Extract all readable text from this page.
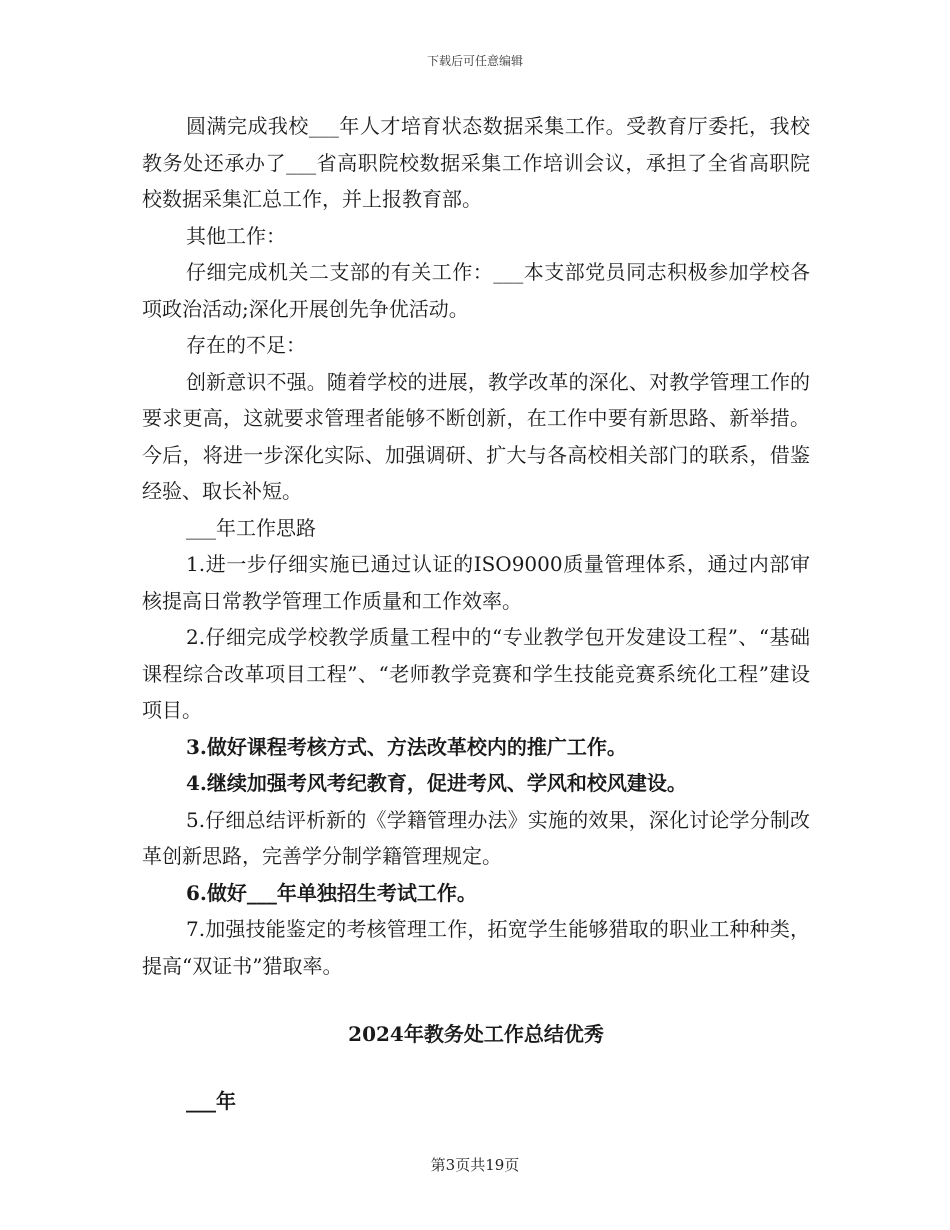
下载后可任意编辑

圆满完成我校___年人才培育状态数据采集工作。受教育厅委托，我校教务处还承办了___省高职院校数据采集工作培训会议，承担了全省高职院校数据采集汇总工作，并上报教育部。

其他工作：

仔细完成机关二支部的有关工作：___本支部党员同志积极参加学校各项政治活动;深化开展创先争优活动。

存在的不足：

创新意识不强。随着学校的进展，教学改革的深化、对教学管理工作的要求更高，这就要求管理者能够不断创新，在工作中要有新思路、新举措。今后，将进一步深化实际、加强调研、扩大与各高校相关部门的联系，借鉴经验、取长补短。

___年工作思路

1.进一步仔细实施已通过认证的ISO9000质量管理体系，通过内部审核提高日常教学管理工作质量和工作效率。

2.仔细完成学校教学质量工程中的“专业教学包开发建设工程”、“基础课程综合改革项目工程”、“老师教学竞赛和学生技能竞赛系统化工程”建设项目。

3.做好课程考核方式、方法改革校内的推广工作。

4.继续加强考风考纪教育，促进考风、学风和校风建设。

5.仔细总结评析新的《学籍管理办法》实施的效果，深化讨论学分制改革创新思路，完善学分制学籍管理规定。

6.做好___年单独招生考试工作。

7.加强技能鉴定的考核管理工作，拓宽学生能够猎取的职业工种种类，提高“双证书”猎取率。

2024年教务处工作总结优秀

___年

第3页共19页
